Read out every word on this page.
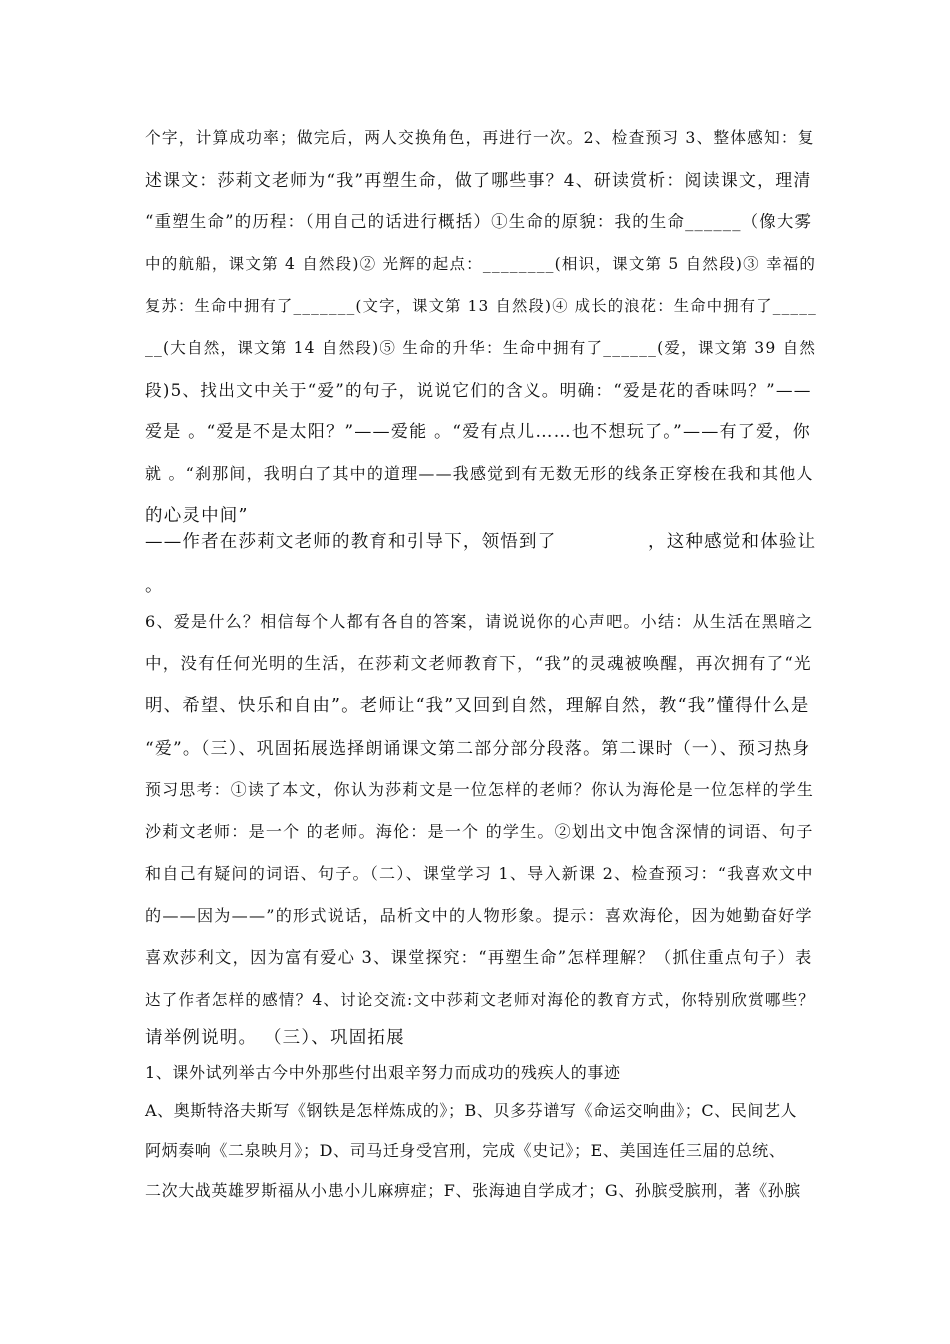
个字，计算成功率；做完后，两人交换角色，再进行一次。2、检查预习 3、整体感知：复
述课文：莎莉文老师为“我”再塑生命，做了哪些事？4、研读赏析：阅读课文，理清
“重塑生命”的历程：（用自己的话进行概括）①生命的原貌：我的生命______（像大雾
中的航船，课文第 4 自然段)② 光辉的起点：________(相识，课文第 5 自然段)③ 幸福的
复苏：生命中拥有了_______(文字，课文第 13 自然段)④ 成长的浪花：生命中拥有了_____
__(大自然，课文第 14 自然段)⑤ 生命的升华：生命中拥有了______(爱，课文第 39 自然
段)5、找出文中关于“爱”的句子，说说它们的含义。明确：“爱是花的香味吗？”——
爱是 。“爱是不是太阳？”——爱能 。“爱有点儿……也不想玩了。”——有了爱，你
就 。“刹那间，我明白了其中的道理——我感觉到有无数无形的线条正穿梭在我和其他人
的心灵中间”
——作者在莎莉文老师的教育和引导下，领悟到了	，这种感觉和体验让
。
6、爱是什么？相信每个人都有各自的答案，请说说你的心声吧。小结：从生活在黑暗之
中，没有任何光明的生活，在莎莉文老师教育下，“我”的灵魂被唤醒，再次拥有了“光
明、希望、快乐和自由”。老师让“我”又回到自然，理解自然，教“我”懂得什么是
“爱”。（三）、巩固拓展选择朗诵课文第二部分部分段落。第二课时（一）、预习热身
预习思考：①读了本文，你认为莎莉文是一位怎样的老师？你认为海伦是一位怎样的学生
沙莉文老师：是一个 的老师。海伦：是一个 的学生。②划出文中饱含深情的词语、句子
和自己有疑问的词语、句子。（二）、课堂学习 1、导入新课 2、检查预习：“我喜欢文中
的——因为——”的形式说话，品析文中的人物形象。提示：喜欢海伦，因为她勤奋好学
喜欢莎利文，因为富有爱心 3、课堂探究：“再塑生命”怎样理解？（抓住重点句子）表
达了作者怎样的感情？4、讨论交流:文中莎莉文老师对海伦的教育方式，你特别欣赏哪些？
请举例说明。 （三）、巩固拓展
1、课外试列举古今中外那些付出艰辛努力而成功的残疾人的事迹
A、奥斯特洛夫斯写《钢铁是怎样炼成的》；B、贝多芬谱写《命运交响曲》；C、民间艺人
阿炳奏响《二泉映月》；D、司马迁身受宫刑，完成《史记》；E、美国连任三届的总统、
二次大战英雄罗斯福从小患小儿麻痹症；F、张海迪自学成才；G、孙膑受膑刑，著《孙膑
